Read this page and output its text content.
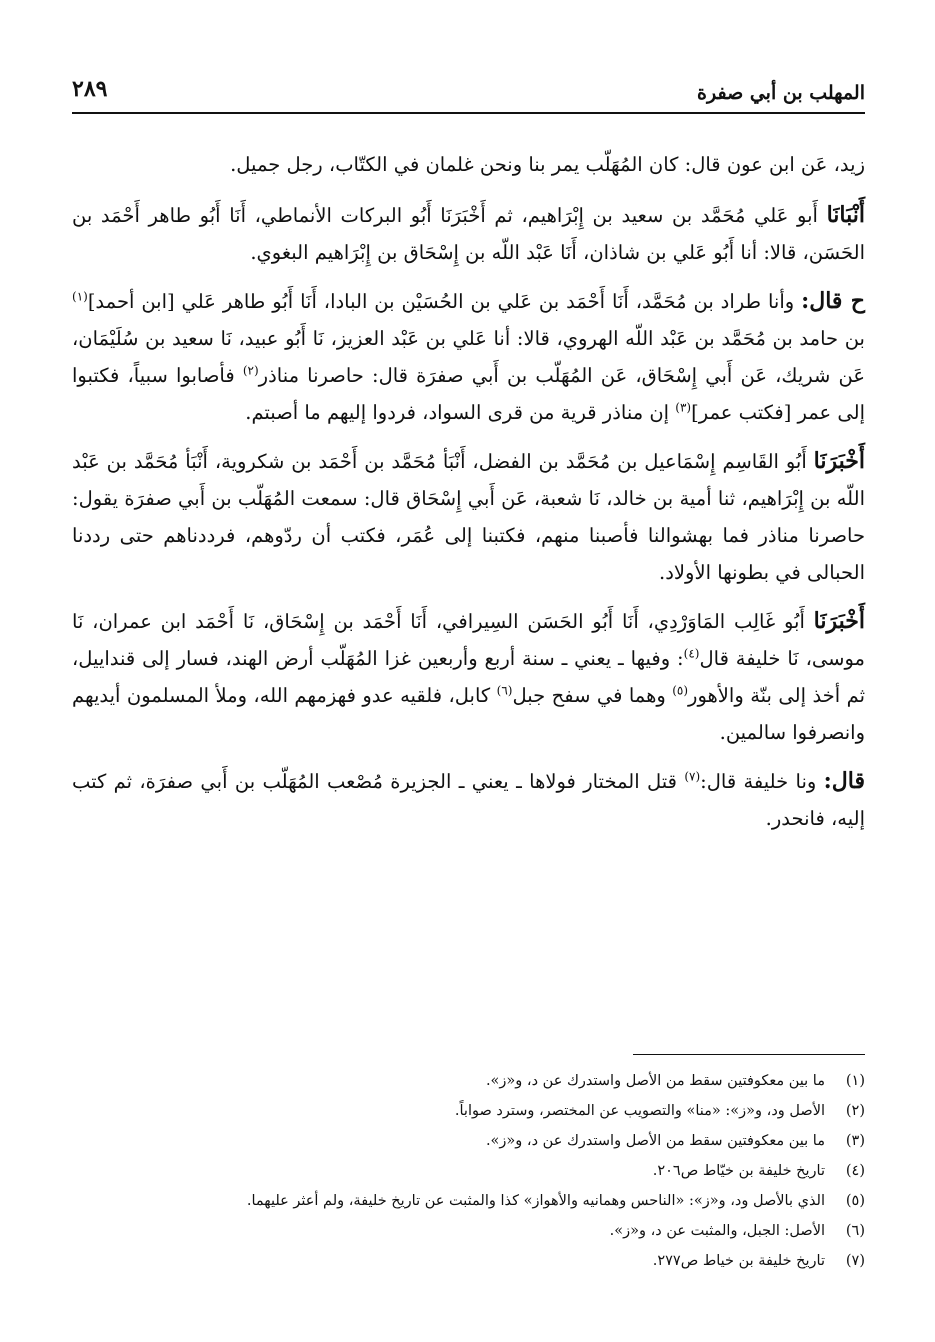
المهلب بن أبي صفرة
٢٨٩

زيد، عَن ابن عون قال: كان المُهَلّب يمر بنا ونحن غلمان في الكتّاب، رجل جميل.

أَنْبَانَا أَبو عَلي مُحَمَّد بن سعيد بن إِبْرَاهيم، ثم أَخْبَرَنَا أَبُو البركات الأنماطي، أَنَا أَبُو طاهر أَحْمَد بن الحَسَن، قالا: أنا أَبُو عَلي بن شاذان، أَنَا عَبْد اللّه بن إِسْحَاق بن إِبْرَاهيم البغوي.

ح قال: وأنا طراد بن مُحَمَّد، أَنَا أَحْمَد بن عَلي بن الحُسَيْن بن البادا، أَنَا أَبُو طاهر عَلي [ابن أحمد]$^{(١)}$ بن حامد بن مُحَمَّد بن عَبْد اللّه الهروي، قالا: أنا عَلي بن عَبْد العزيز، نَا أَبُو عبيد، نَا سعيد بن سُلَيْمَان، عَن شريك، عَن أَبي إِسْحَاق، عَن المُهَلّب بن أَبي صفرَة قال: حاصرنا مناذر$^{(٢)}$ فأصابوا سبياً، فكتبوا إلى عمر [فكتب عمر]$^{(٣)}$ إن مناذر قرية من قرى السواد، فردوا إليهم ما أصبتم.

أَخْبَرَنَا أَبُو القَاسِم إِسْمَاعيل بن مُحَمَّد بن الفضل، أَنْبَأ مُحَمَّد بن أَحْمَد بن شكروية، أَنْبَأ مُحَمَّد بن عَبْد اللّه بن إِبْرَاهيم، ثنا أمية بن خالد، نَا شعبة، عَن أَبي إِسْحَاق قال: سمعت المُهَلّب بن أَبي صفرَة يقول: حاصرنا مناذر فما بهشوالنا فأصبنا منهم، فكتبنا إلى عُمَر، فكتب أن ردّوهم، فرددناهم حتى رددنا الحبالى في بطونها الأولاد.

أَخْبَرَنَا أَبُو غَالِب المَاوَرْدِي، أَنَا أَبُو الحَسَن السِيرافي، أَنَا أَحْمَد بن إِسْحَاق، نَا أَحْمَد ابن عمران، نَا موسى، نَا خليفة قال$^{(٤)}$: وفيها ـ يعني ـ سنة أربع وأربعين غزا المُهَلّب أرض الهند، فسار إلى قنداييل، ثم أخذ إلى بنّة والأهور$^{(٥)}$ وهما في سفح جبل$^{(٦)}$ كابل، فلقيه عدو فهزمهم الله، وملأ المسلمون أيديهم وانصرفوا سالمين.

قال: ونا خليفة قال:$^{(٧)}$ قتل المختار فولاها ـ يعني ـ الجزيرة مُصْعب المُهَلّب بن أَبي صفرَة، ثم كتب إليه، فانحدر.

(١)
ما بين معكوفتين سقط من الأصل واستدرك عن د، و«ز».
(٢)
الأصل ود، و«ز»: «منا» والتصويب عن المختصر، وسترد صواباً.
(٣)
ما بين معكوفتين سقط من الأصل واستدرك عن د، و«ز».
(٤)
تاريخ خليفة بن خيّاط ص٢٠٦.
(٥)
الذي بالأصل ود، و«ز»: «الناحس وهمانيه والأهواز» كذا والمثبت عن تاريخ خليفة، ولم أعثر عليهما.
(٦)
الأصل: الجبل، والمثبت عن د، و«ز».
(٧)
تاريخ خليفة بن خياط ص٢٧٧.
